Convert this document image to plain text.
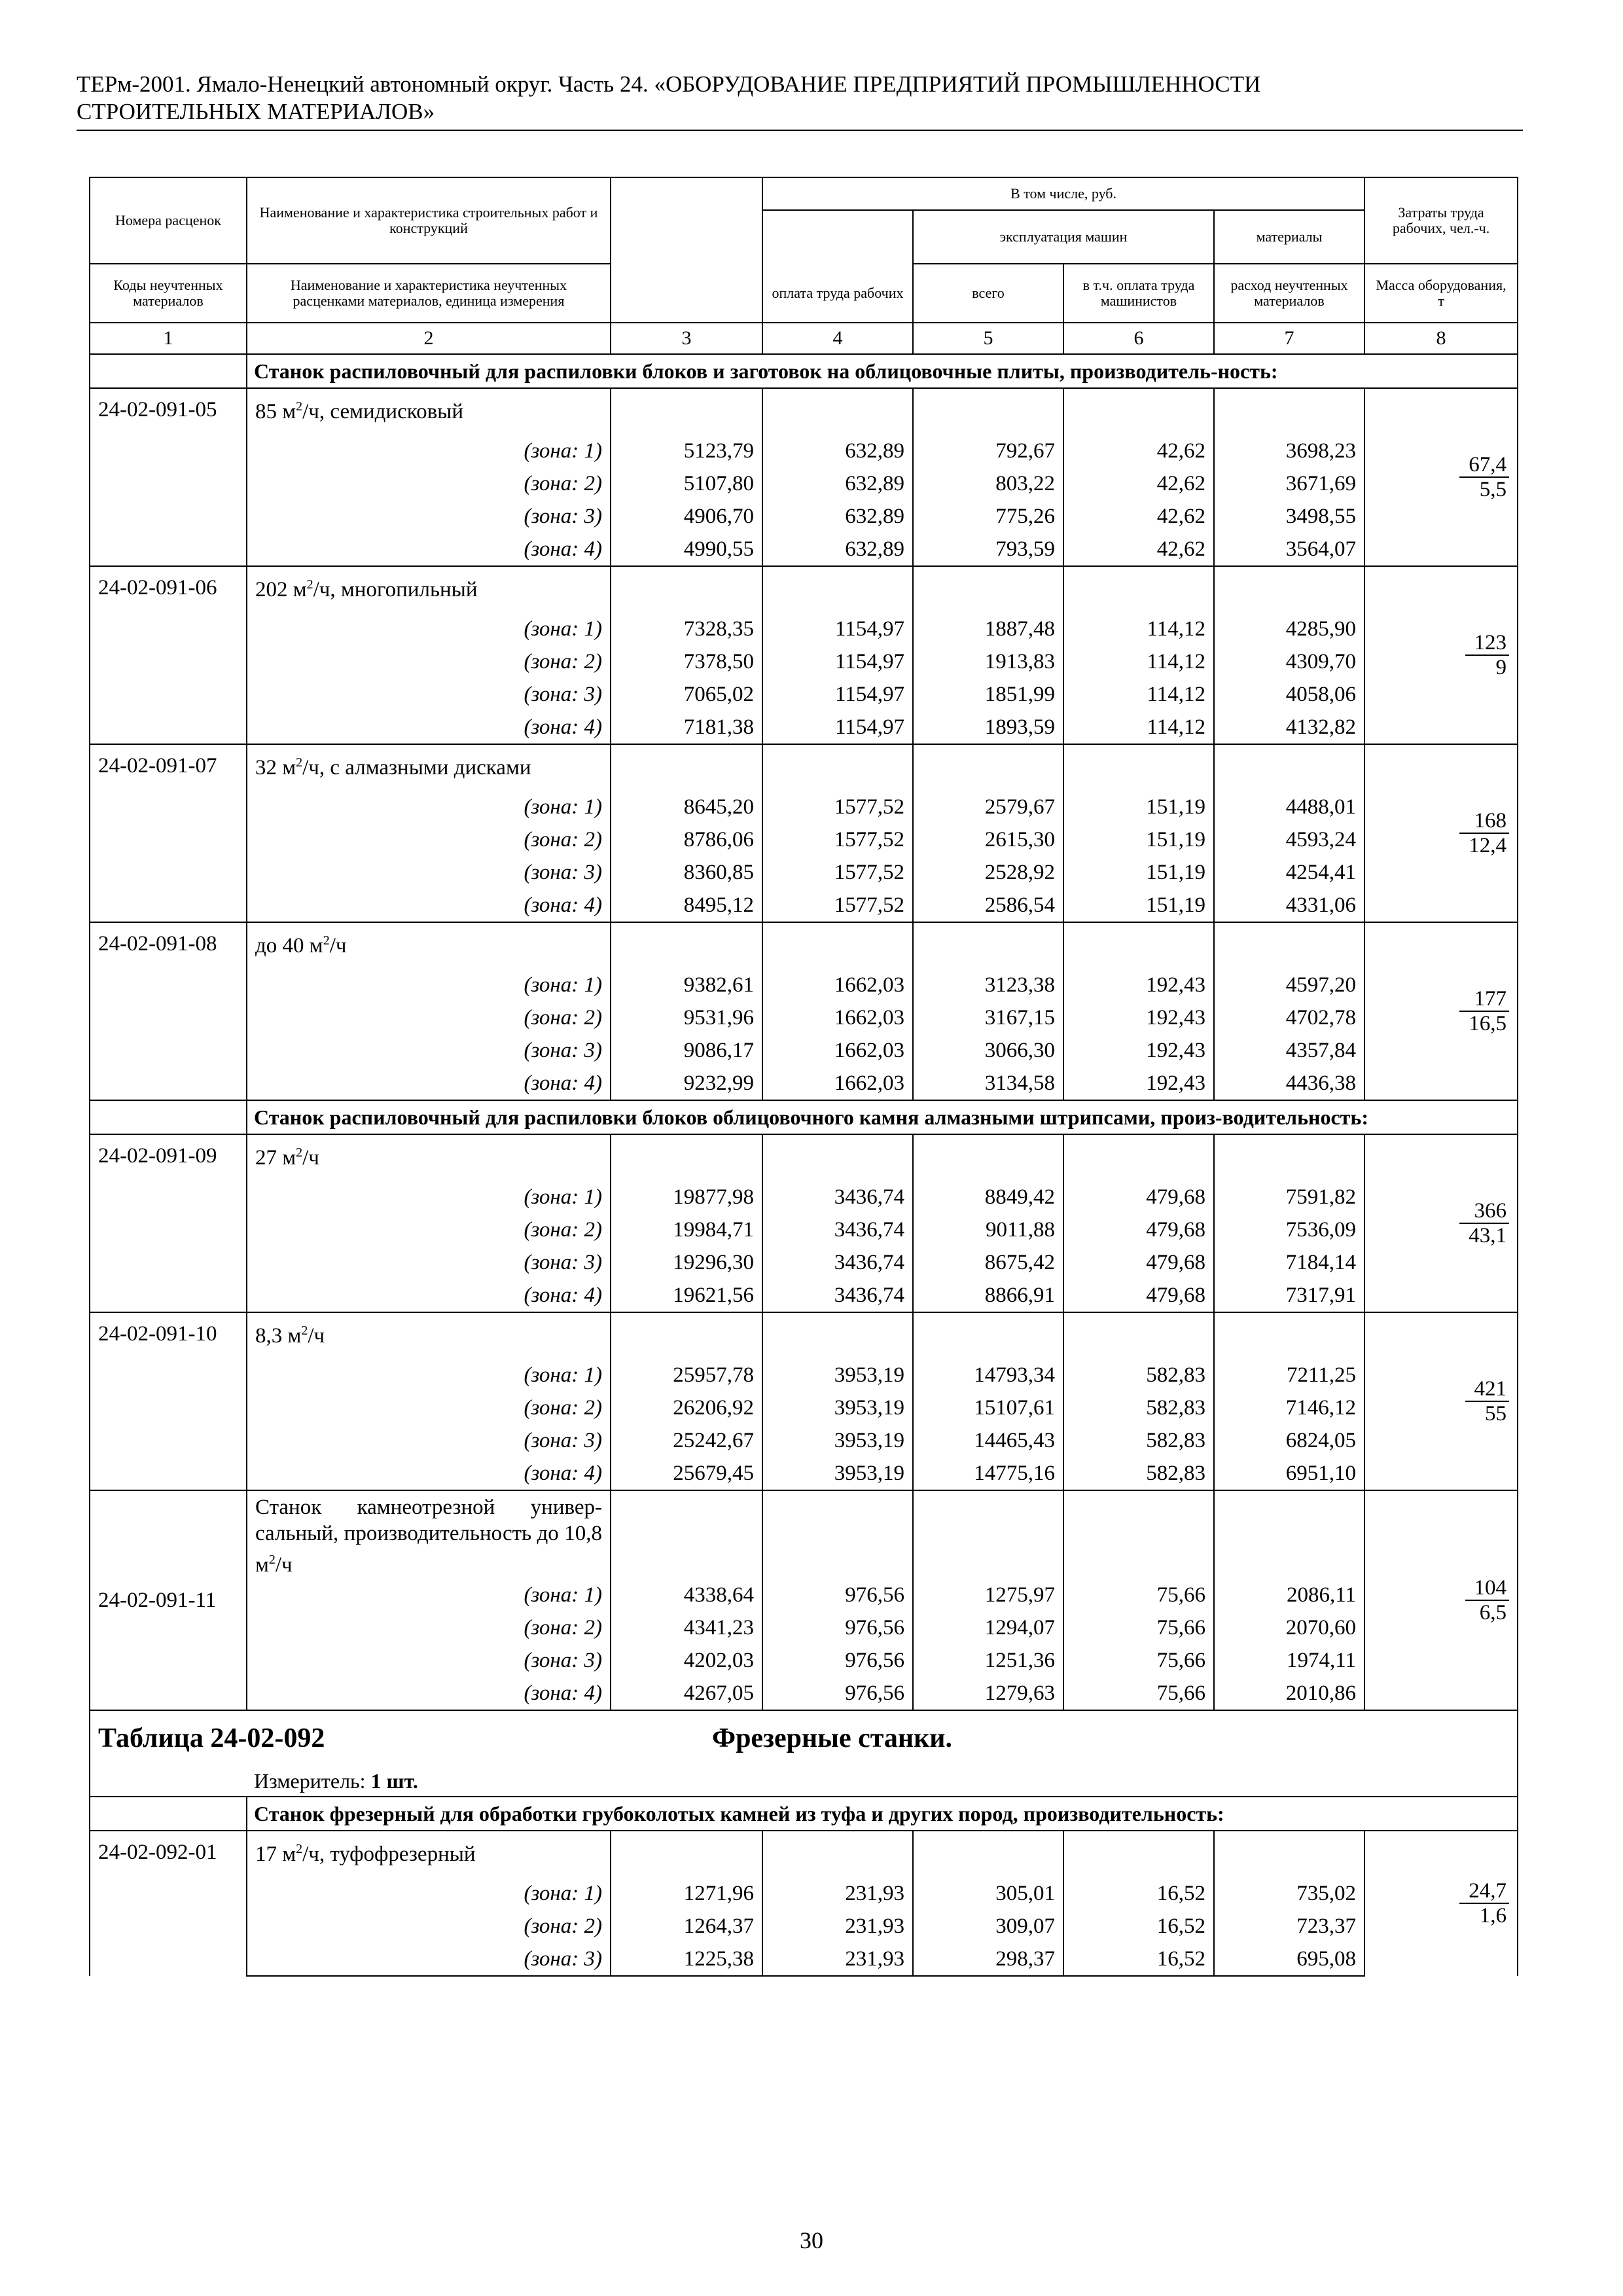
ТЕРм-2001. Ямало-Ненецкий автономный округ. Часть 24. «ОБОРУДОВАНИЕ ПРЕДПРИЯТИЙ ПРОМЫШЛЕННОСТИ
СТРОИТЕЛЬНЫХ МАТЕРИАЛОВ»
Номера расценок	Наименование и характеристика строительных работ и конструкций		В том числе, руб.				Затраты труда рабочих, чел.-ч.
				эксплуатация машин		материалы	
Коды неучтенных материалов	Наименование и характеристика неучтенных расценками материалов, единица измерения			всего	в т.ч. оплата труда машинистов	расход неучтенных материалов	Масса оборудования, т
			оплата труда рабочих				
1	2	3	4	5	6	7	8
	Станок распиловочный для распиловки блоков и заготовок на облицовочные плиты, производитель-ность:						
24-02-091-05	85 $м^2/ч$, семидисковый						$\frac{67,4}{5,5}$

	(зона: 1)	5123,79	632,89	792,67	42,62	3698,23	
	(зона: 2)	5107,80	632,89	803,22	42,62	3671,69	
	(зона: 3)	4906,70	632,89	775,26	42,62	3498,55	
	(зона: 4)	4990,55	632,89	793,59	42,62	3564,07	
24-02-091-06	202 $м^2/ч$, многопильный						$\frac{123}{9}$

	(зона: 1)	7328,35	1154,97	1887,48	114,12	4285,90	
	(зона: 2)	7378,50	1154,97	1913,83	114,12	4309,70	
	(зона: 3)	7065,02	1154,97	1851,99	114,12	4058,06	
	(зона: 4)	7181,38	1154,97	1893,59	114,12	4132,82	
24-02-091-07	32 $м^2/ч$, с алмазными дисками						$\frac{168}{12,4}$

	(зона: 1)	8645,20	1577,52	2579,67	151,19	4488,01	
	(зона: 2)	8786,06	1577,52	2615,30	151,19	4593,24	
	(зона: 3)	8360,85	1577,52	2528,92	151,19	4254,41	
	(зона: 4)	8495,12	1577,52	2586,54	151,19	4331,06	
24-02-091-08	до 40 $м^2/ч$						$\frac{177}{16,5}$

	(зона: 1)	9382,61	1662,03	3123,38	192,43	4597,20	
	(зона: 2)	9531,96	1662,03	3167,15	192,43	4702,78	
	(зона: 3)	9086,17	1662,03	3066,30	192,43	4357,84	
	(зона: 4)	9232,99	1662,03	3134,58	192,43	4436,38	
	Станок распиловочный для распиловки блоков облицовочного камня алмазными штрипсами, произ-водительность:						
24-02-091-09	27 $м^2/ч$						$\frac{366}{43,1}$

	(зона: 1)	19877,98	3436,74	8849,42	479,68	7591,82	
	(зона: 2)	19984,71	3436,74	9011,88	479,68	7536,09	
	(зона: 3)	19296,30	3436,74	8675,42	479,68	7184,14	
	(зона: 4)	19621,56	3436,74	8866,91	479,68	7317,91	
24-02-091-10	8,3 $м^2/ч$						$\frac{421}{55}$

	(зона: 1)	25957,78	3953,19	14793,34	582,83	7211,25	
	(зона: 2)	26206,92	3953,19	15107,61	582,83	7146,12	
	(зона: 3)	25242,67	3953,19	14465,43	582,83	6824,05	
	(зона: 4)	25679,45	3953,19	14775,16	582,83	6951,10	
24-02-091-11	Станок камнеотрезной универ-сальный, производительность до 10,8 $м^2/ч$						$\frac{104}{6,5}$

	(зона: 1)	4338,64	976,56	1275,97	75,66	2086,11	
	(зона: 2)	4341,23	976,56	1294,07	75,66	2070,60	
	(зона: 3)	4202,03	976,56	1251,36	75,66	1974,11	
	(зона: 4)	4267,05	976,56	1279,63	75,66	2010,86	
Таблица 24-02-092 Фрезерные станки.							

Измеритель: 1 шт.							
	Станок фрезерный для обработки грубоколотых камней из туфа и других пород, производительность:						
24-02-092-01	17 $м^2/ч$, туфофрезерный						$\frac{24,7}{1,6}$

	(зона: 1)	1271,96	231,93	305,01	16,52	735,02	
	(зона: 2)	1264,37	231,93	309,07	16,52	723,37	
	(зона: 3)	1225,38	231,93	298,37	16,52	695,08	
30
